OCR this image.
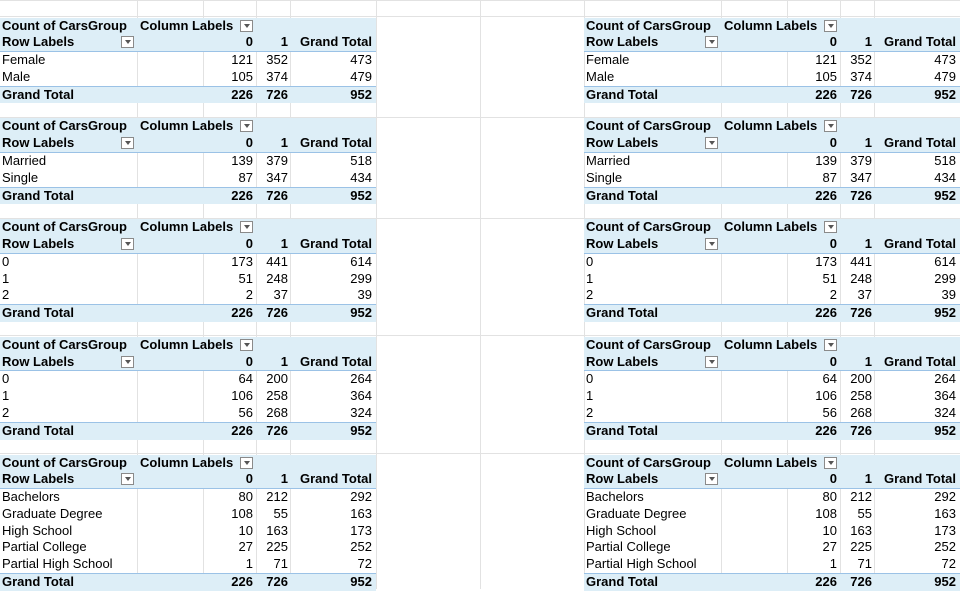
Count of CarsGroup	Column Labels
Row Labels	0	1 Grand Total
Female	121	352	473
Male	105	374	479
Grand Total	226	726	952
Count of CarsGroup	Column Labels
Row Labels	0	1 Grand Total
Married	139	379	518
Single	87	347	434
Grand Total	226	726	952
Count of CarsGroup	Column Labels
Row Labels	0	1 Grand Total
0	173	441	614
1	51	248	299
2	2	37	39
Grand Total	226	726	952
Count of CarsGroup	Column Labels
Row Labels	0	1 Grand Total
0	64	200	264
1	106	258	364
2	56	268	324
Grand Total	226	726	952
Count of CarsGroup	Column Labels
Row Labels	0	1 Grand Total
Bachelors	80	212	292
Graduate Degree	108	55	163
High School	10	163	173
Partial College	27	225	252
Partial High School	1	71	72
Grand Total	226	726	952
Count of CarsGroup	Column Labels
Row Labels	0	1 Grand Total
Female	121	352	473
Male	105	374	479
Grand Total	226	726	952
Count of CarsGroup	Column Labels
Row Labels	0	1 Grand Total
Married	139	379	518
Single	87	347	434
Grand Total	226	726	952
Count of CarsGroup	Column Labels
Row Labels	0	1 Grand Total
0	173	441	614
1	51	248	299
2	2	37	39
Grand Total	226	726	952
Count of CarsGroup	Column Labels
Row Labels	0	1 Grand Total
0	64	200	264
1	106	258	364
2	56	268	324
Grand Total	226	726	952
Count of CarsGroup	Column Labels
Row Labels	0	1 Grand Total
Bachelors	80	212	292
Graduate Degree	108	55	163
High School	10	163	173
Partial College	27	225	252
Partial High School	1	71	72
Grand Total	226	726	952
